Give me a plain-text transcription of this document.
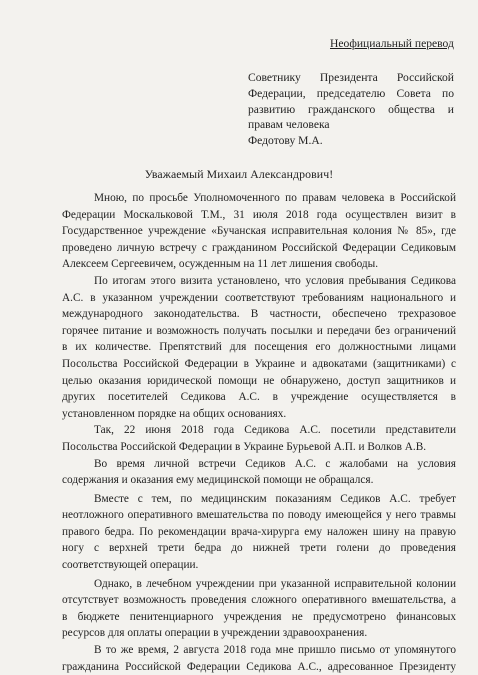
Неофициальный перевод
Советнику Президента Российской
Федерации, председателю Совета по
развитию гражданского общества и
правам человека
Федотову М.А.
Уважаемый Михаил Александрович!
Мною, по просьбе Уполномоченного по правам человека в Российской
Федерации Москальковой Т.М., 31 июля 2018 года осуществлен визит в
Государственное учреждение «Бучанская исправительная колония № 85», где
проведено личную встречу с гражданином Российской Федерации Седиковым
Алексеем Сергеевичем, осужденным на 11 лет лишения свободы.
По итогам этого визита установлено, что условия пребывания Седикова
А.С. в указанном учреждении соответствуют требованиям национального и
международного законодательства. В частности, обеспечено трехразовое
горячее питание и возможность получать посылки и передачи без ограничений
в их количестве. Препятствий для посещения его должностными лицами
Посольства Российской Федерации в Украине и адвокатами (защитниками) с
целью оказания юридической помощи не обнаружено, доступ защитников и
других посетителей Седикова А.С. в учреждение осуществляется в
установленном порядке на общих основаниях.
Так, 22 июня 2018 года Седикова А.С. посетили представители
Посольства Российской Федерации в Украине Бурьевой А.П. и Волков А.В.
Во время личной встречи Седиков А.С. с жалобами на условия
содержания и оказания ему медицинской помощи не обращался.
Вместе с тем, по медицинским показаниям Седиков А.С. требует
неотложного оперативного вмешательства по поводу имеющейся у него травмы
правого бедра. По рекомендации врача-хирурга ему наложен шину на правую
ногу с верхней трети бедра до нижней трети голени до проведения
соответствующей операции.
Однако, в лечебном учреждении при указанной исправительной колонии
отсутствует возможность проведения сложного оперативного вмешательства, а
в бюджете пенитенциарного учреждения не предусмотрено финансовых
ресурсов для оплаты операции в учреждении здравоохранения.
В то же время, 2 августа 2018 года мне пришло письмо от упомянутого
гражданина Российской Федерации Седикова А.С., адресованное Президенту
